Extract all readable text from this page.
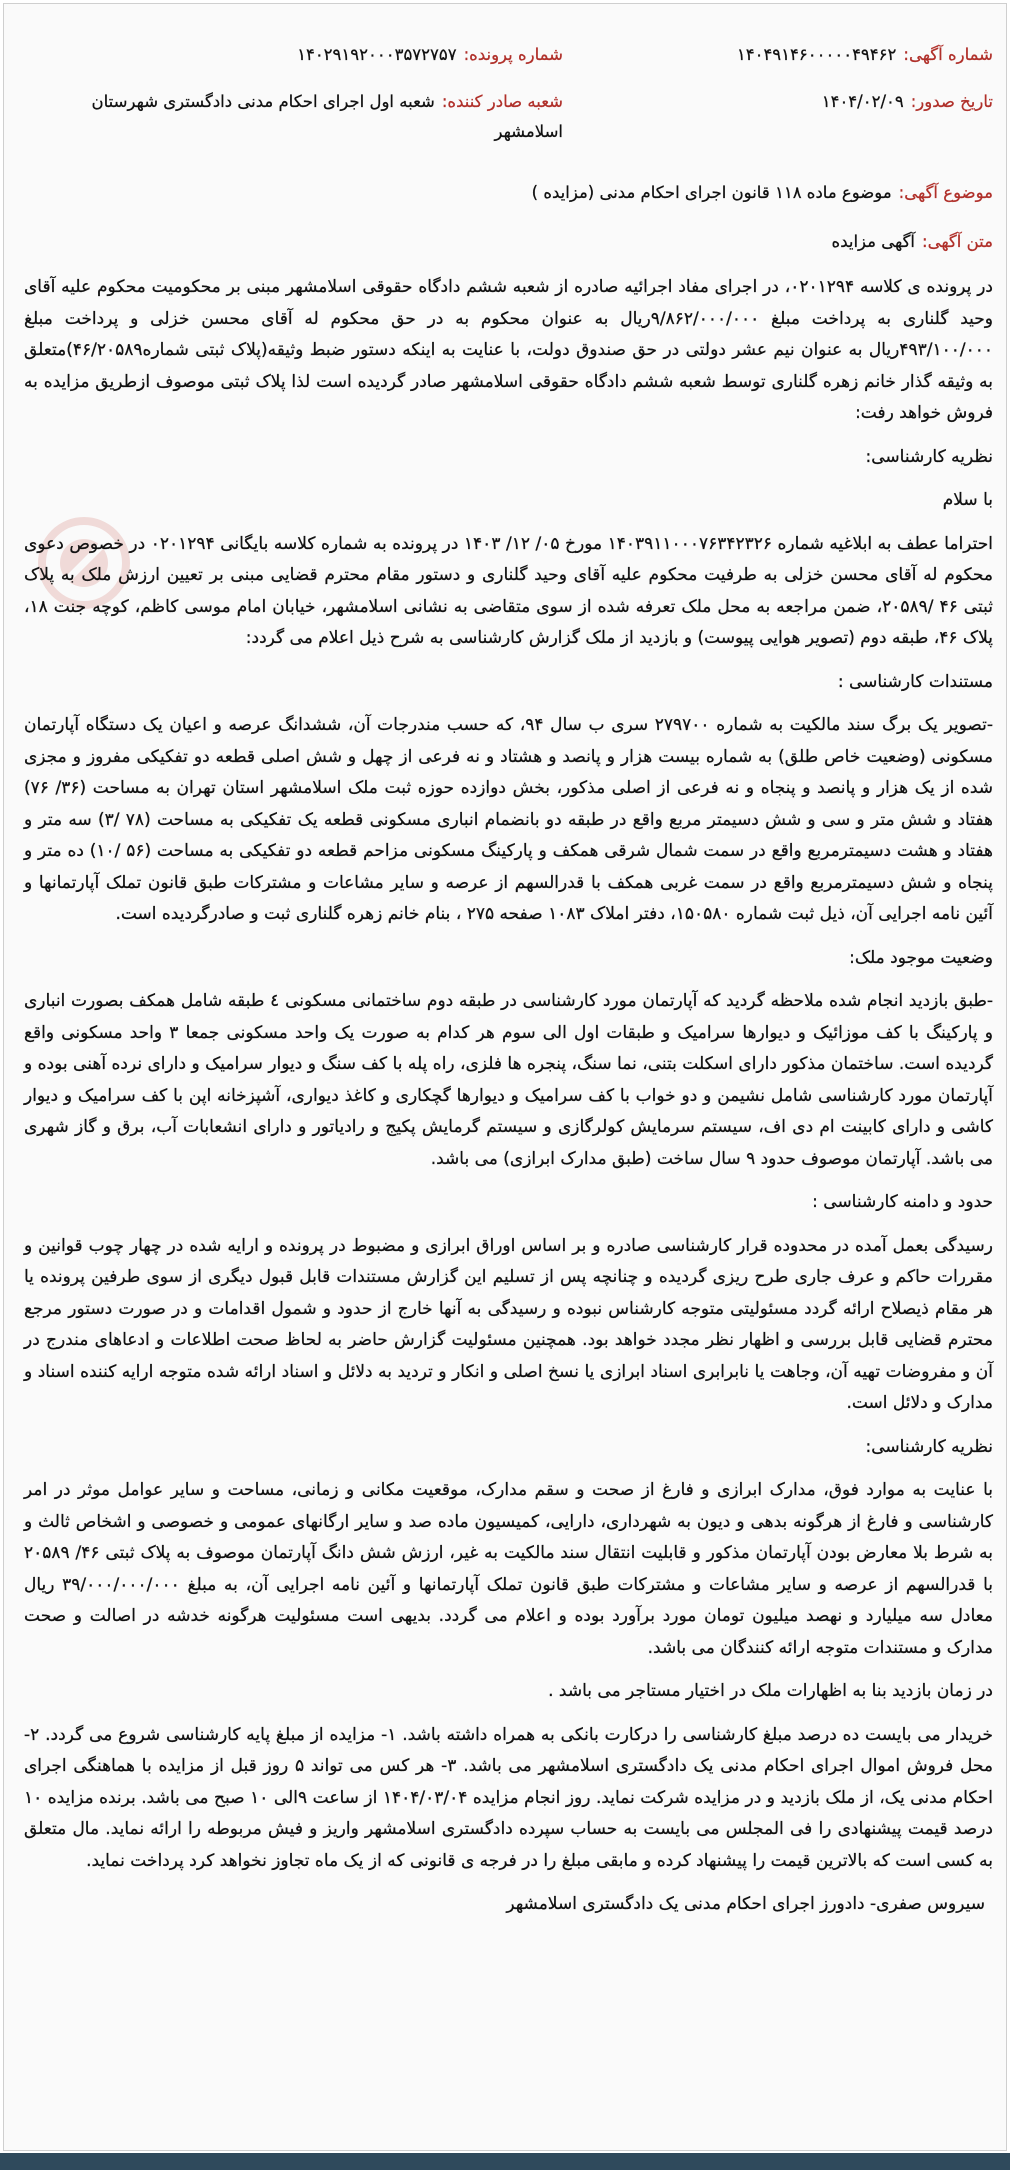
شماره آگهی:۱۴۰۴۹۱۴۶۰۰۰۰۰۴۹۴۶۲
شماره پرونده:۱۴۰۲۹۱۹۲۰۰۰۳۵۷۲۷۵۷
تاریخ صدور:۱۴۰۴/۰۲/۰۹
شعبه صادر کننده:شعبه اول اجرای احکام مدنی دادگستری شهرستان اسلامشهر
موضوع آگهی:موضوع ماده ۱۱۸ قانون اجرای احکام مدنی (مزایده )
متن آگهی:آگهی مزایده

در پرونده ی کلاسه ۰۲۰۱۲۹۴، در اجرای مفاد اجرائیه صادره از شعبه ششم دادگاه حقوقی اسلامشهر مبنی بر محکومیت محکوم علیه آقای وحید گلناری به پرداخت مبلغ ۹/۸۶۲/۰۰۰/۰۰۰ریال به عنوان محکوم به در حق محکوم له آقای محسن خزلی و پرداخت مبلغ ۴۹۳/۱۰۰/۰۰۰ریال به عنوان نیم عشر دولتی در حق صندوق دولت، با عنایت به اینکه دستور ضبط وثیقه(پلاک ثبتی شماره۴۶/۲۰۵۸۹)متعلق به وثیقه گذار خانم زهره گلناری توسط شعبه ششم دادگاه حقوقی اسلامشهر صادر گردیده است لذا پلاک ثبتی موصوف ازطریق مزایده به فروش خواهد رفت:

نظریه کارشناسی:

با سلام

احتراما عطف به ابلاغیه شماره ۱۴۰۳۹۱۱۰۰۰۷۶۳۴۲۳۲۶ مورخ ۰۵/ ۱۲/ ۱۴۰۳ در پرونده به شماره کلاسه بایگانی ۰۲۰۱۲۹۴ در خصوص دعوی محکوم له آقای محسن خزلی به طرفیت محکوم علیه آقای وحید گلناری و دستور مقام محترم قضایی مبنی بر تعیین ارزش ملک به پلاک ثبتی ۴۶ /۲۰۵۸۹، ضمن مراجعه به محل ملک تعرفه شده از سوی متقاضی به نشانی اسلامشهر، خیابان امام موسی کاظم، کوچه جنت ۱۸، پلاک ۴۶، طبقه دوم (تصویر هوایی پیوست) و بازدید از ملک گزارش کارشناسی به شرح ذیل اعلام می گردد:

مستندات کارشناسی :

-تصویر یک برگ سند مالکیت به شماره ۲۷۹۷۰۰ سری ب سال ۹۴، که حسب مندرجات آن، ششدانگ عرصه و اعیان یک دستگاه آپارتمان مسکونی (وضعیت خاص طلق) به شماره بیست هزار و پانصد و هشتاد و نه فرعی از چهل و شش اصلی قطعه دو تفکیکی مفروز و مجزی شده از یک هزار و پانصد و پنجاه و نه فرعی از اصلی مذکور، بخش دوازده حوزه ثبت ملک اسلامشهر استان تهران به مساحت (۳۶/ ۷۶) هفتاد و شش متر و سی و شش دسیمتر مربع واقع در طبقه دو بانضمام انباری مسکونی قطعه یک تفکیکی به مساحت (۷۸ /۳) سه متر و هفتاد و هشت دسیمترمربع واقع در سمت شمال شرقی همکف و پارکینگ مسکونی مزاحم قطعه دو تفکیکی به مساحت (۵۶ /۱۰) ده متر و پنجاه و شش دسیمترمربع واقع در سمت غربی همکف با قدرالسهم از عرصه و سایر مشاعات و مشترکات طبق قانون تملک آپارتمانها و آئین نامه اجرایی آن، ذیل ثبت شماره ۱۵۰۵۸۰، دفتر املاک ۱۰۸۳ صفحه ۲۷۵ ، بنام خانم زهره گلناری ثبت و صادرگردیده است.

وضعیت موجود ملک:

-طبق بازدید انجام شده ملاحظه گردید که آپارتمان مورد کارشناسی در طبقه دوم ساختمانی مسکونی ٤ طبقه شامل همکف بصورت انباری و پارکینگ با کف موزائیک و دیوارها سرامیک و طبقات اول الی سوم هر کدام به صورت یک واحد مسکونی جمعا ۳ واحد مسکونی واقع گردیده است. ساختمان مذکور دارای اسکلت بتنی، نما سنگ، پنجره ها فلزی، راه پله با کف سنگ و دیوار سرامیک و دارای نرده آهنی بوده و آپارتمان مورد کارشناسی شامل نشیمن و دو خواب با کف سرامیک و دیوارها گچکاری و کاغذ دیواری، آشپزخانه اپن با کف سرامیک و دیوار کاشی و دارای کابینت ام دی اف، سیستم سرمایش کولرگازی و سیستم گرمایش پکیج و رادیاتور و دارای انشعابات آب، برق و گاز شهری می باشد. آپارتمان موصوف حدود ۹ سال ساخت (طبق مدارک ابرازی) می باشد.

حدود و دامنه کارشناسی :

رسیدگی بعمل آمده در محدوده قرار کارشناسی صادره و بر اساس اوراق ابرازی و مضبوط در پرونده و ارایه شده در چهار چوب قوانین و مقررات حاکم و عرف جاری طرح ریزی گردیده و چنانچه پس از تسلیم این گزارش مستندات قابل قبول دیگری از سوی طرفین پرونده یا هر مقام ذیصلاح ارائه گردد مسئولیتی متوجه کارشناس نبوده و رسیدگی به آنها خارج از حدود و شمول اقدامات و در صورت دستور مرجع محترم قضایی قابل بررسی و اظهار نظر مجدد خواهد بود. همچنین مسئولیت گزارش حاضر به لحاظ صحت اطلاعات و ادعاهای مندرج در آن و مفروضات تهیه آن، وجاهت یا نابرابری اسناد ابرازی یا نسخ اصلی و انکار و تردید به دلائل و اسناد ارائه شده متوجه ارایه کننده اسناد و مدارک و دلائل است.

نظریه کارشناسی:

با عنایت به موارد فوق، مدارک ابرازی و فارغ از صحت و سقم مدارک، موقعیت مکانی و زمانی، مساحت و سایر عوامل موثر در امر کارشناسی و فارغ از هرگونه بدهی و دیون به شهرداری، دارایی، کمیسیون ماده صد و سایر ارگانهای عمومی و خصوصی و اشخاص ثالث و به شرط بلا معارض بودن آپارتمان مذکور و قابلیت انتقال سند مالکیت به غیر، ارزش شش دانگ آپارتمان موصوف به پلاک ثبتی ۴۶/ ۲۰۵۸۹ با قدرالسهم از عرصه و سایر مشاعات و مشترکات طبق قانون تملک آپارتمانها و آئین نامه اجرایی آن، به مبلغ ۳۹/۰۰۰/۰۰۰/۰۰۰ ریال معادل سه میلیارد و نهصد میلیون تومان مورد برآورد بوده و اعلام می گردد. بدیهی است مسئولیت هرگونه خدشه در اصالت و صحت مدارک و مستندات متوجه ارائه کنندگان می باشد.

در زمان بازدید بنا به اظهارات ملک در اختیار مستاجر می باشد .

خریدار می بایست ده درصد مبلغ کارشناسی را درکارت بانکی به همراه داشته باشد. ۱- مزایده از مبلغ پایه کارشناسی شروع می گردد. ۲- محل فروش اموال اجرای احکام مدنی یک دادگستری اسلامشهر می باشد. ۳- هر کس می تواند ۵ روز قبل از مزایده با هماهنگی اجرای احکام مدنی یک، از ملک بازدید و در مزایده شرکت نماید. روز انجام مزایده ۱۴۰۴/۰۳/۰۴ از ساعت ۹الی ۱۰ صبح می باشد. برنده مزایده ۱۰ درصد قیمت پیشنهادی را فی المجلس می بایست به حساب سپرده دادگستری اسلامشهر واریز و فیش مربوطه را ارائه نماید. مال متعلق به کسی است که بالاترین قیمت را پیشنهاد کرده و مابقی مبلغ را در فرجه ی قانونی که از یک ماه تجاوز نخواهد کرد پرداخت نماید.

سیروس صفری- دادورز اجرای احکام مدنی یک دادگستری اسلامشهر
